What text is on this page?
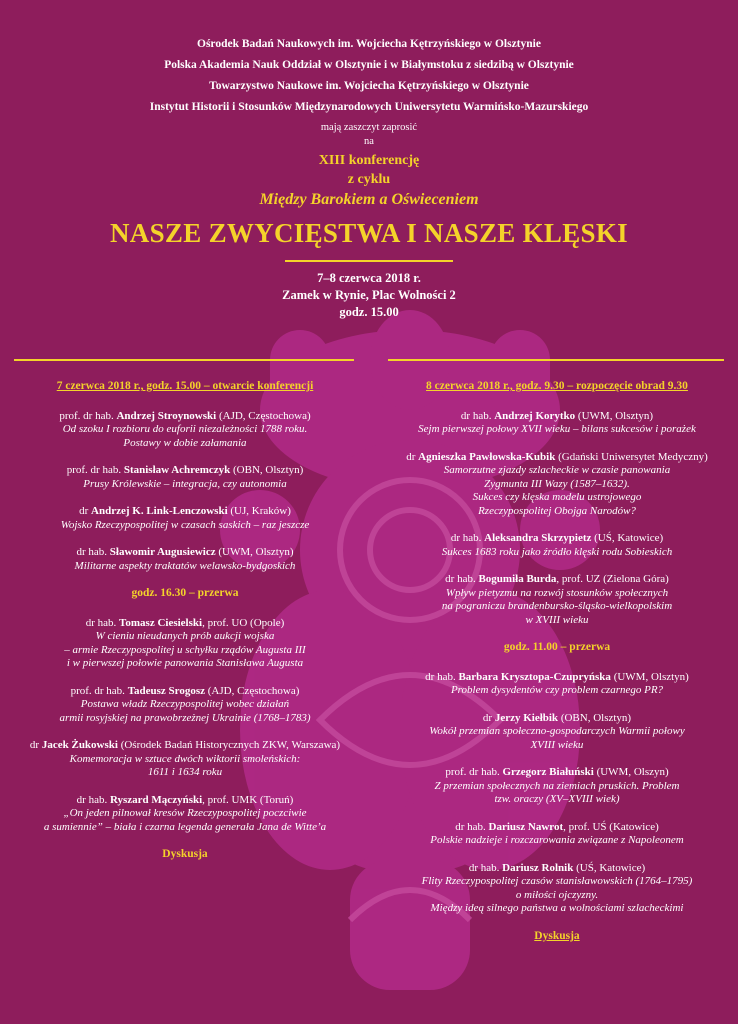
Ośrodek Badań Naukowych im. Wojciecha Kętrzyńskiego w Olsztynie
Polska Akademia Nauk Oddział w Olsztynie i w Białymstoku z siedzibą w Olsztynie
Towarzystwo Naukowe im. Wojciecha Kętrzyńskiego w Olsztynie
Instytut Historii i Stosunków Międzynarodowych Uniwersytetu Warmińsko-Mazurskiego
mają zaszczyt zaprosić
na
XIII konferencję
z cyklu
Między Barokiem a Oświeceniem
NASZE ZWYCIĘSTWA I NASZE KLĘSKI
7–8 czerwca 2018 r.
Zamek w Rynie, Plac Wolności 2
godz. 15.00
7 czerwca 2018 r., godz. 15.00 – otwarcie konferencji
prof. dr hab. Andrzej Stroynowski (AJD, Częstochowa)
Od szoku I rozbioru do euforii niezależności 1788 roku.
Postawy w dobie załamania
prof. dr hab. Stanisław Achremczyk (OBN, Olsztyn)
Prusy Królewskie – integracja, czy autonomia
dr Andrzej K. Link-Lenczowski (UJ, Kraków)
Wojsko Rzeczypospolitej w czasach saskich – raz jeszcze
dr hab. Sławomir Augusiewicz (UWM, Olsztyn)
Militarne aspekty traktatów welawsko-bydgoskich
godz. 16.30 – przerwa
dr hab. Tomasz Ciesielski, prof. UO (Opole)
W cieniu nieudanych prób aukcji wojska
– armie Rzeczypospolitej u schyłku rządów Augusta III
i w pierwszej połowie panowania Stanisława Augusta
prof. dr hab. Tadeusz Srogosz (AJD, Częstochowa)
Postawa władz Rzeczypospolitej wobec działań
armii rosyjskiej na prawobrzeżnej Ukrainie (1768–1783)
dr Jacek Żukowski (Ośrodek Badań Historycznych ZKW, Warszawa)
Komemoracja w sztuce dwóch wiktorii smoleńskich:
1611 i 1634 roku
dr hab. Ryszard Mączyński, prof. UMK (Toruń)
„On jeden pilnował kresów Rzeczypospolitej poczciwie
a sumiennie” – biała i czarna legenda generała Jana de Witte’a
Dyskusja
8 czerwca 2018 r., godz. 9.30 – rozpoczęcie obrad 9.30
dr hab. Andrzej Korytko (UWM, Olsztyn)
Sejm pierwszej połowy XVII wieku – bilans sukcesów i porażek
dr Agnieszka Pawłowska-Kubik (Gdański Uniwersytet Medyczny)
Samorzutne zjazdy szlacheckie w czasie panowania
Zygmunta III Wazy (1587–1632).
Sukces czy klęska modelu ustrojowego
Rzeczypospolitej Obojga Narodów?
dr hab. Aleksandra Skrzypietz (UŚ, Katowice)
Sukces 1683 roku jako źródło klęski rodu Sobieskich
dr hab. Bogumiła Burda, prof. UZ (Zielona Góra)
Wpływ pietyzmu na rozwój stosunków społecznych
na pograniczu brandenbursko-śląsko-wielkopolskim
w XVIII wieku
godz. 11.00 – przerwa
dr hab. Barbara Krysztopa-Czupryńska (UWM, Olsztyn)
Problem dysydentów czy problem czarnego PR?
dr Jerzy Kiełbik (OBN, Olsztyn)
Wokół przemian społeczno-gospodarczych Warmii połowy
XVIII wieku
prof. dr hab. Grzegorz Białuński (UWM, Olszyn)
Z przemian społecznych na ziemiach pruskich. Problem
tzw. oraczy (XV–XVIII wiek)
dr hab. Dariusz Nawrot, prof. UŚ (Katowice)
Polskie nadzieje i rozczarowania związane z Napoleonem
dr hab. Dariusz Rolnik (UŚ, Katowice)
Flity Rzeczypospolitej czasów stanisławowskich (1764–1795)
o miłości ojczyzny.
Między ideą silnego państwa a wolnościami szlacheckimi
Dyskusja
